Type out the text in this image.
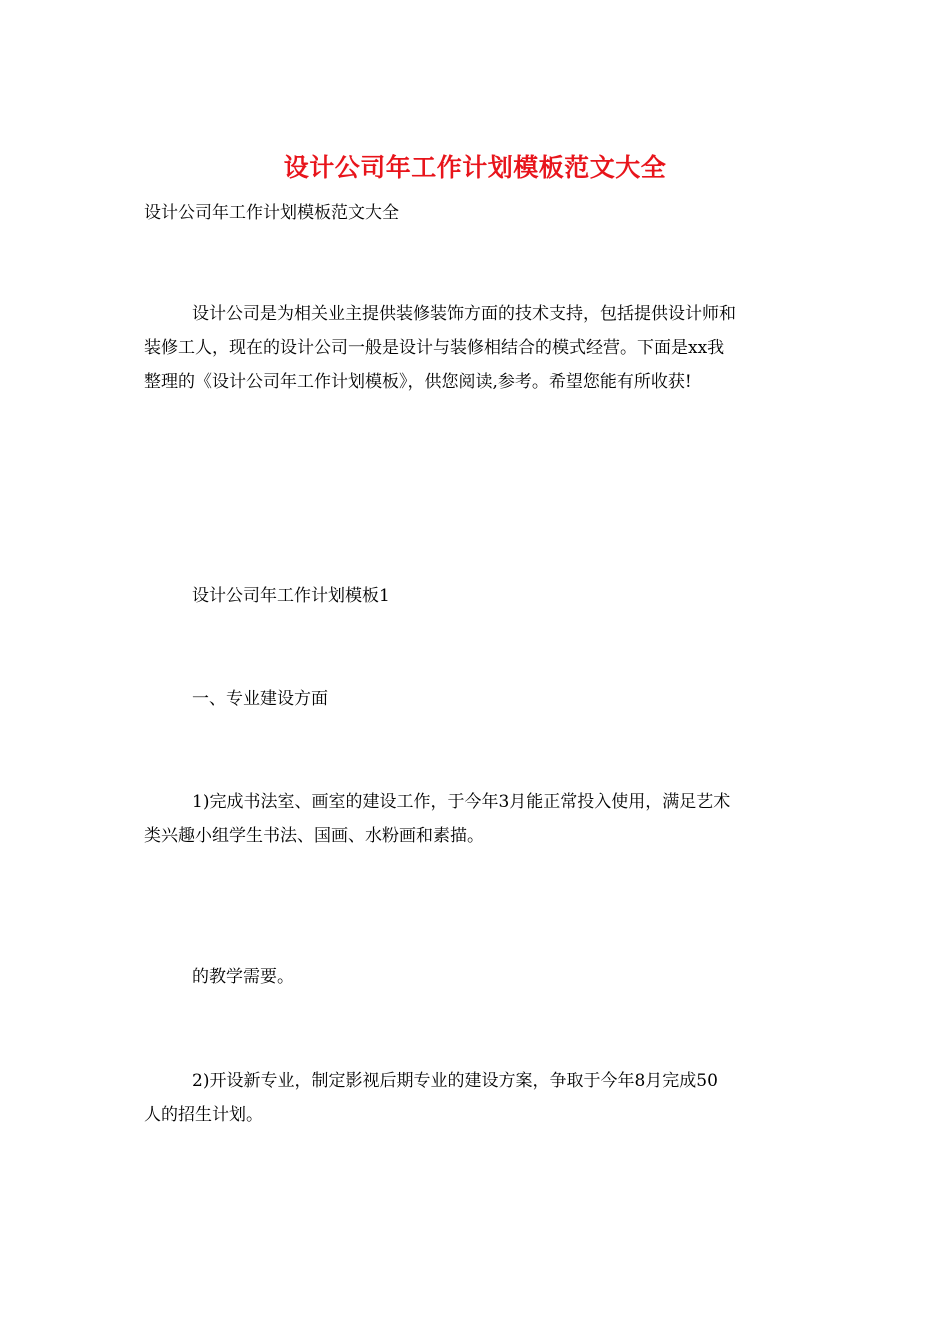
设计公司年工作计划模板范文大全

设计公司年工作计划模板范文大全

设计公司是为相关业主提供装修装饰方面的技术支持，包括提供设计师和
装修工人，现在的设计公司一般是设计与装修相结合的模式经营。下面是xx我
整理的《设计公司年工作计划模板》，供您阅读,参考。希望您能有所收获!

设计公司年工作计划模板1

一、专业建设方面

1)完成书法室、画室的建设工作，于今年3月能正常投入使用，满足艺术
类兴趣小组学生书法、国画、水粉画和素描。

的教学需要。

2)开设新专业，制定影视后期专业的建设方案，争取于今年8月完成50
人的招生计划。
